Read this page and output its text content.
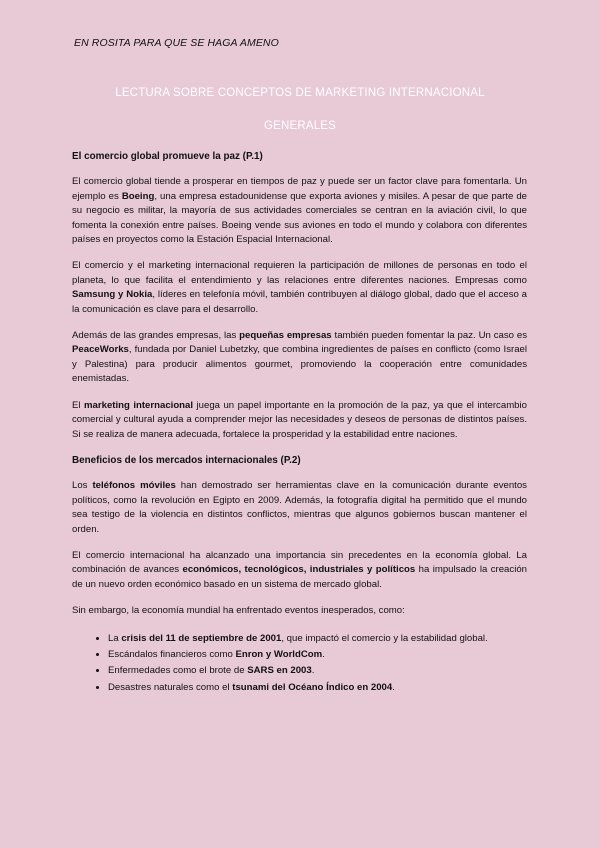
EN ROSITA PARA QUE SE HAGA AMENO
LECTURA SOBRE CONCEPTOS DE MARKETING INTERNACIONAL
GENERALES
El comercio global promueve la paz (P.1)

El comercio global tiende a prosperar en tiempos de paz y puede ser un factor clave para fomentarla. Un ejemplo es Boeing, una empresa estadounidense que exporta aviones y misiles. A pesar de que parte de su negocio es militar, la mayoría de sus actividades comerciales se centran en la aviación civil, lo que fomenta la conexión entre países. Boeing vende sus aviones en todo el mundo y colabora con diferentes países en proyectos como la Estación Espacial Internacional.

El comercio y el marketing internacional requieren la participación de millones de personas en todo el planeta, lo que facilita el entendimiento y las relaciones entre diferentes naciones. Empresas como Samsung y Nokia, líderes en telefonía móvil, también contribuyen al diálogo global, dado que el acceso a la comunicación es clave para el desarrollo.

Además de las grandes empresas, las pequeñas empresas también pueden fomentar la paz. Un caso es PeaceWorks, fundada por Daniel Lubetzky, que combina ingredientes de países en conflicto (como Israel y Palestina) para producir alimentos gourmet, promoviendo la cooperación entre comunidades enemistadas.

El marketing internacional juega un papel importante en la promoción de la paz, ya que el intercambio comercial y cultural ayuda a comprender mejor las necesidades y deseos de personas de distintos países. Si se realiza de manera adecuada, fortalece la prosperidad y la estabilidad entre naciones.

Beneficios de los mercados internacionales (P.2)

Los teléfonos móviles han demostrado ser herramientas clave en la comunicación durante eventos políticos, como la revolución en Egipto en 2009. Además, la fotografía digital ha permitido que el mundo sea testigo de la violencia en distintos conflictos, mientras que algunos gobiernos buscan mantener el orden.

El comercio internacional ha alcanzado una importancia sin precedentes en la economía global. La combinación de avances económicos, tecnológicos, industriales y políticos ha impulsado la creación de un nuevo orden económico basado en un sistema de mercado global.

Sin embargo, la economía mundial ha enfrentado eventos inesperados, como:

• La crisis del 11 de septiembre de 2001, que impactó el comercio y la estabilidad global.
• Escándalos financieros como Enron y WorldCom.
• Enfermedades como el brote de SARS en 2003.
• Desastres naturales como el tsunami del Océano Índico en 2004.
